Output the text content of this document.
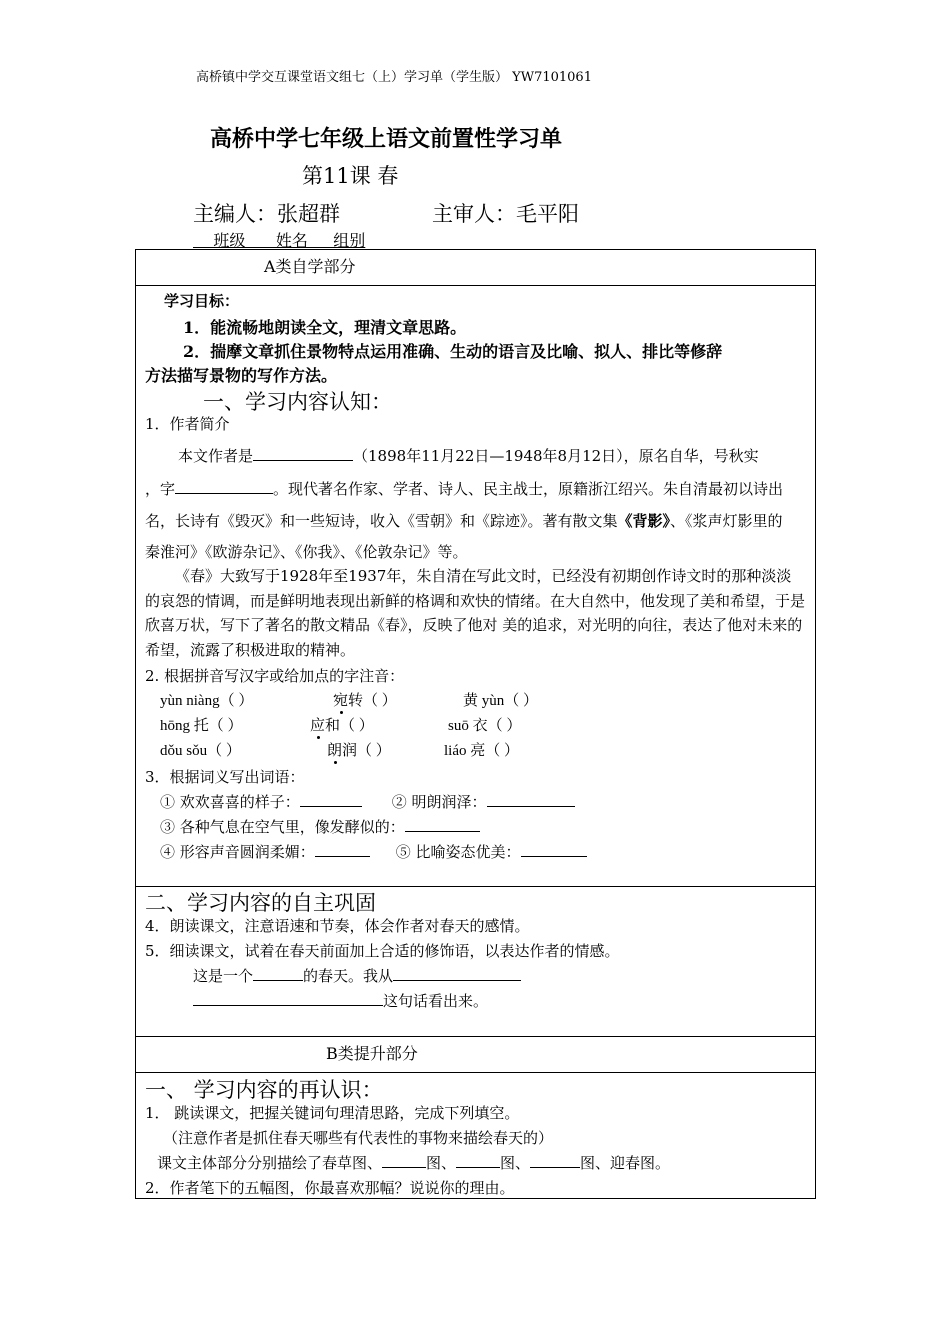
高桥镇中学交互课堂语文组七（上）学习单（学生版） YW7101061
高桥中学七年级上语文前置性学习单
第11课 春
主编人：张超群	主审人：毛平阳
班级      姓名     组别
A类自学部分
学习目标：
1．能流畅地朗读全文，理清文章思路。
2．揣摩文章抓住景物特点运用准确、生动的语言及比喻、拟人、排比等修辞
方法描写景物的写作方法。
一、学习内容认知：
1．作者简介
本文作者是	（1898年11月22日—1948年8月12日），原名自华，号秋实
，字	。现代著名作家、学者、诗人、民主战士，原籍浙江绍兴。朱自清最初以诗出
名，长诗有《毁灭》和一些短诗，收入《雪朝》和《踪迹》。著有散文集《背影》、《浆声灯影里的
秦淮河》《欧游杂记》、《你我》、《伦敦杂记》等。
《春》大致写于1928年至1937年，朱自清在写此文时，已经没有初期创作诗文时的那种淡淡的哀怨的情调，而是鲜明地表现出新鲜的格调和欢快的情绪。在大自然中，他发现了美和希望，于是欣喜万状，写下了著名的散文精品《春》，反映了他对 美的追求，对光明的向往，表达了他对未来的希望，流露了积极进取的精神。
2. 根据拼音写汉字或给加点的字注音：
yùn niàng（ ）	宛转（ ）	黄 yùn（ ）
hōng 托（ ）	应和（ ）	suō 衣（ ）
dǒu sǒu（ ）	朗润（ ）	liáo 亮（ ）
3．根据词义写出词语：
① 欢欢喜喜的样子：	② 明朗润泽：
③ 各种气息在空气里，像发酵似的：
④ 形容声音圆润柔媚：	⑤ 比喻姿态优美：
二、学习内容的自主巩固
4．朗读课文，注意语速和节奏，体会作者对春天的感情。
5．细读课文，试着在春天前面加上合适的修饰语，以表达作者的情感。
这是一个	的春天。我从
这句话看出来。
B类提升部分
一、 学习内容的再认识：
1． 跳读课文，把握关键词句理清思路，完成下列填空。
（注意作者是抓住春天哪些有代表性的事物来描绘春天的）
课文主体部分分别描绘了春草图、	图、	图、	图、迎春图。
2．作者笔下的五幅图，你最喜欢那幅？说说你的理由。
